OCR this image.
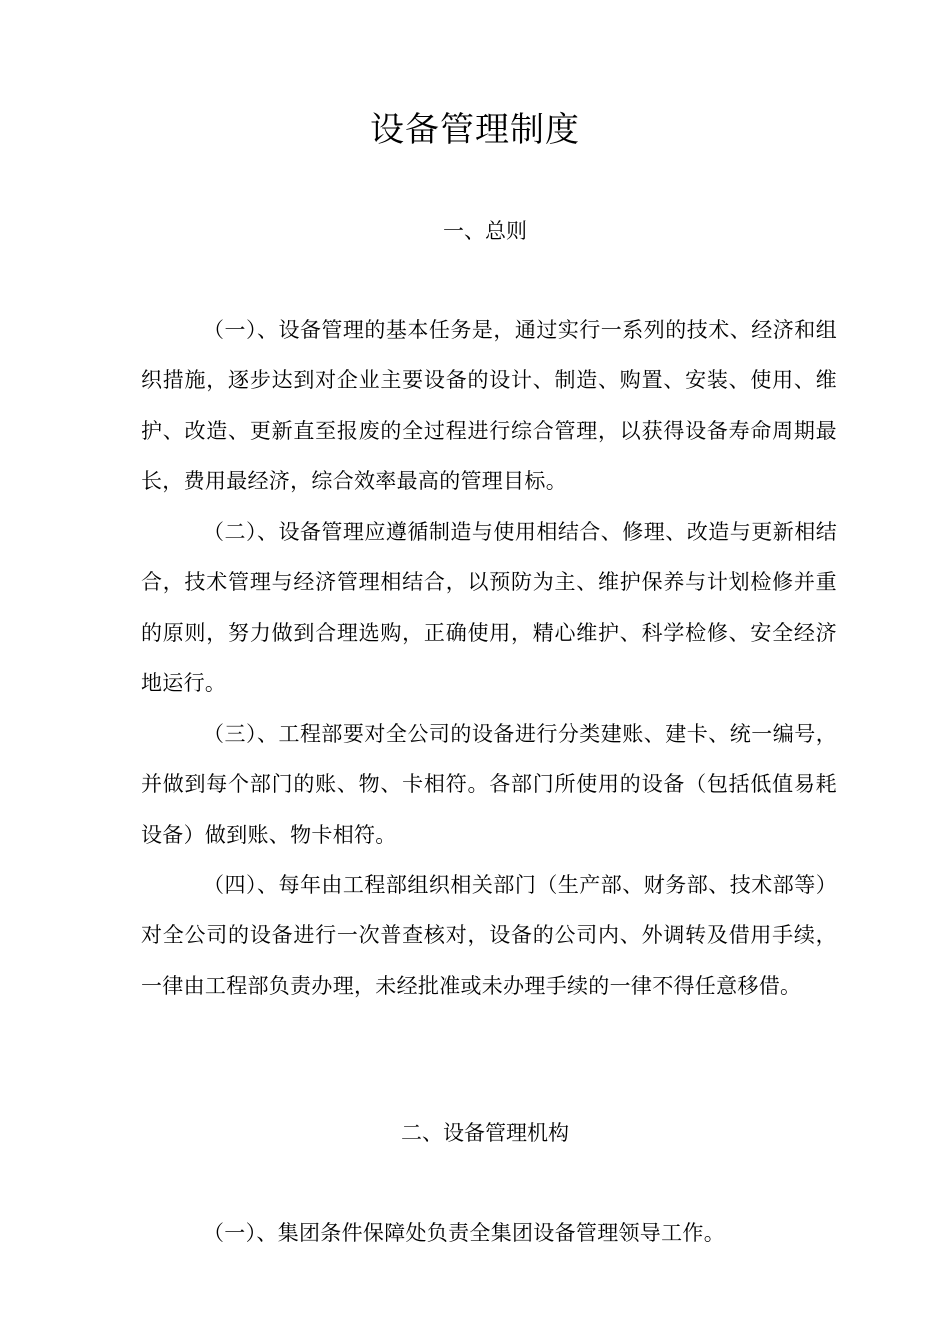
设备管理制度
一、总则
（一）、设备管理的基本任务是，通过实行一系列的技术、经济和组织措施，逐步达到对企业主要设备的设计、制造、购置、安装、使用、维护、改造、更新直至报废的全过程进行综合管理，以获得设备寿命周期最长，费用最经济，综合效率最高的管理目标。
（二）、设备管理应遵循制造与使用相结合、修理、改造与更新相结合，技术管理与经济管理相结合，以预防为主、维护保养与计划检修并重的原则，努力做到合理选购，正确使用，精心维护、科学检修、安全经济地运行。
（三）、工程部要对全公司的设备进行分类建账、建卡、统一编号，并做到每个部门的账、物、卡相符。各部门所使用的设备（包括低值易耗设备）做到账、物卡相符。
（四）、每年由工程部组织相关部门（生产部、财务部、技术部等）对全公司的设备进行一次普查核对，设备的公司内、外调转及借用手续，一律由工程部负责办理，未经批准或未办理手续的一律不得任意移借。
二、设备管理机构
（一）、集团条件保障处负责全集团设备管理领导工作。
